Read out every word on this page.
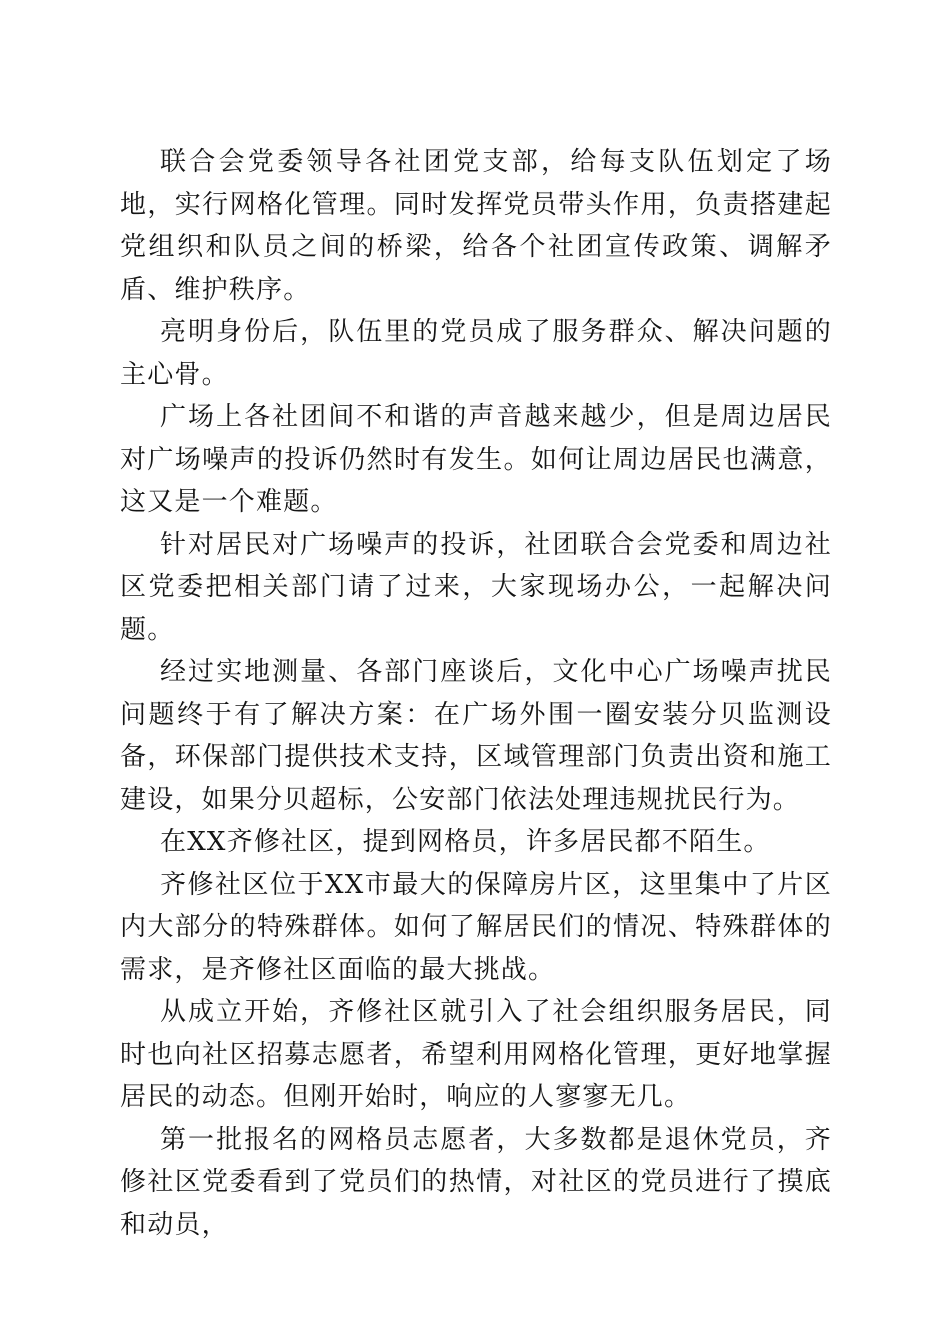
联合会党委领导各社团党支部，给每支队伍划定了场地，实行网格化管理。同时发挥党员带头作用，负责搭建起党组织和队员之间的桥梁，给各个社团宣传政策、调解矛盾、维护秩序。

亮明身份后，队伍里的党员成了服务群众、解决问题的主心骨。

广场上各社团间不和谐的声音越来越少，但是周边居民对广场噪声的投诉仍然时有发生。如何让周边居民也满意，这又是一个难题。

针对居民对广场噪声的投诉，社团联合会党委和周边社区党委把相关部门请了过来，大家现场办公，一起解决问题。

经过实地测量、各部门座谈后，文化中心广场噪声扰民问题终于有了解决方案：在广场外围一圈安装分贝监测设备，环保部门提供技术支持，区域管理部门负责出资和施工建设，如果分贝超标，公安部门依法处理违规扰民行为。

在XX齐修社区，提到网格员，许多居民都不陌生。

齐修社区位于XX市最大的保障房片区，这里集中了片区内大部分的特殊群体。如何了解居民们的情况、特殊群体的需求，是齐修社区面临的最大挑战。

从成立开始，齐修社区就引入了社会组织服务居民，同时也向社区招募志愿者，希望利用网格化管理，更好地掌握居民的动态。但刚开始时，响应的人寥寥无几。

第一批报名的网格员志愿者，大多数都是退休党员，齐修社区党委看到了党员们的热情，对社区的党员进行了摸底和动员，
